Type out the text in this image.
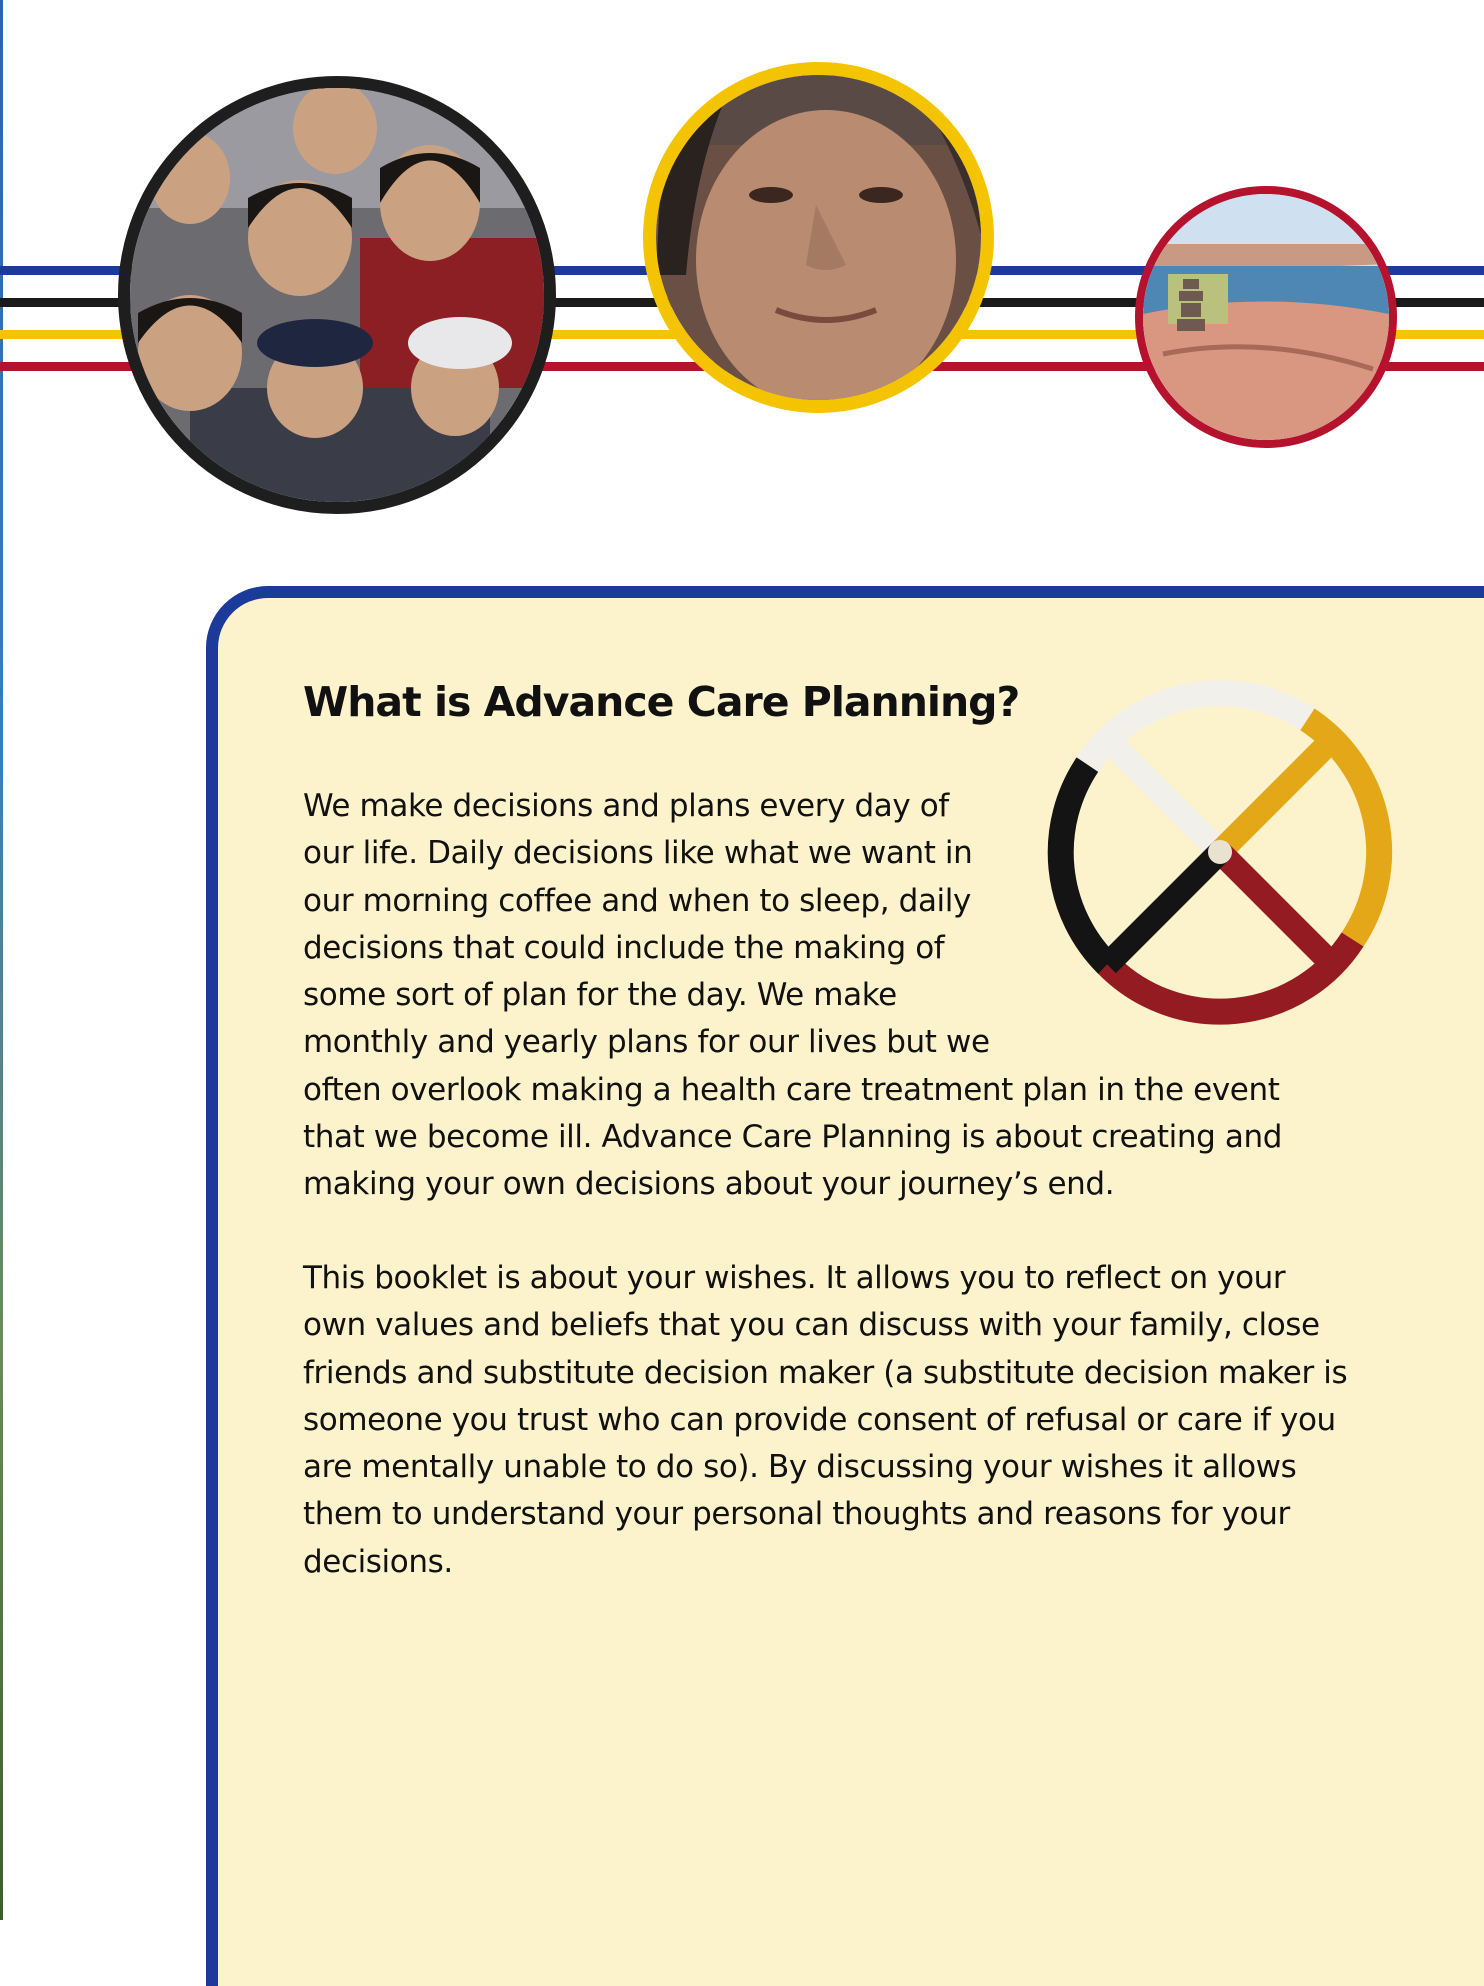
What is Advance Care Planning?
We make decisions and plans every day of
our life. Daily decisions like what we want in
our morning coffee and when to sleep, daily
decisions that could include the making of
some sort of plan for the day. We make
monthly and yearly plans for our lives but we
often overlook making a health care treatment plan in the event
that we become ill. Advance Care Planning is about creating and
making your own decisions about your journey’s end.
This booklet is about your wishes. It allows you to reflect on your
own values and beliefs that you can discuss with your family, close
friends and substitute decision maker (a substitute decision maker is
someone you trust who can provide consent of refusal or care if you
are mentally unable to do so). By discussing your wishes it allows
them to understand your personal thoughts and reasons for your
decisions.
